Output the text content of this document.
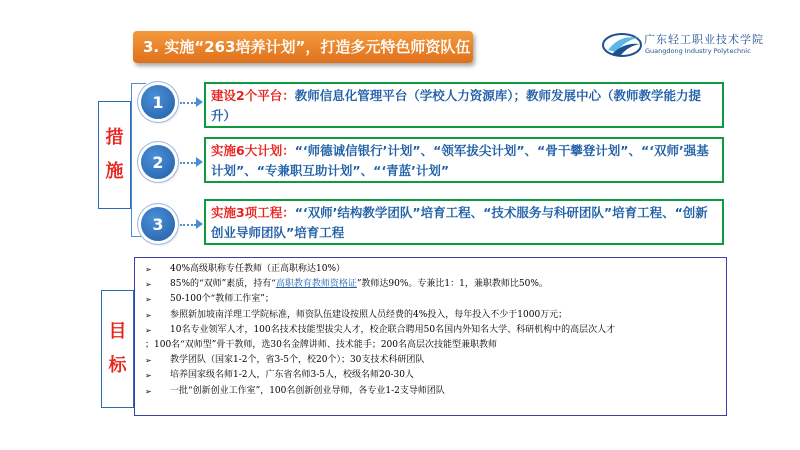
3. 实施“263培养计划”，打造多元特色师资队伍	广东轻工职业技术学院
Guangdong Industry Polytechnic
措
施
1	建设2个平台：教师信息化管理平台（学校人力资源库）；教师发展中心（教师教学能力提升）
2
实施6大计划：“‘师德诚信银行’计划”、“领军拔尖计划”、“骨干攀登计划”、“‘双师’强基计划”、“专兼职互助计划”、“‘青蓝’计划”
3
实施3项工程：“‘双师’结构教学团队”培育工程、“技术服务与科研团队”培育工程、“创新创业导师团队”培育工程
➢	40%高级职称专任教师（正高职称达10%）
➢	85%的“双师”素质，持有“高职教育教师资格证”教师达90%。专兼比1：1，兼职教师比50%。
➢	50-100个“教师工作室”；
➢	参照新加坡南洋理工学院标准，师资队伍建设按照人员经费的4%投入，每年投入不少于1000万元；
➢	10名专业领军人才，100名技术技能型拔尖人才，校企联合聘用50名国内外知名大学、科研机构中的高层次人才
；100名“双师型”骨干教师，选30名金牌讲师、技术能手；200名高层次技能型兼职教师
➢	教学团队（国家1-2个，省3-5个，校20个）；30支技术科研团队
➢	培养国家级名师1-2人，广东省名师3-5人，校级名师20-30人
➢	一批“创新创业工作室”，100名创新创业导师，各专业1-2支导师团队
目
标
